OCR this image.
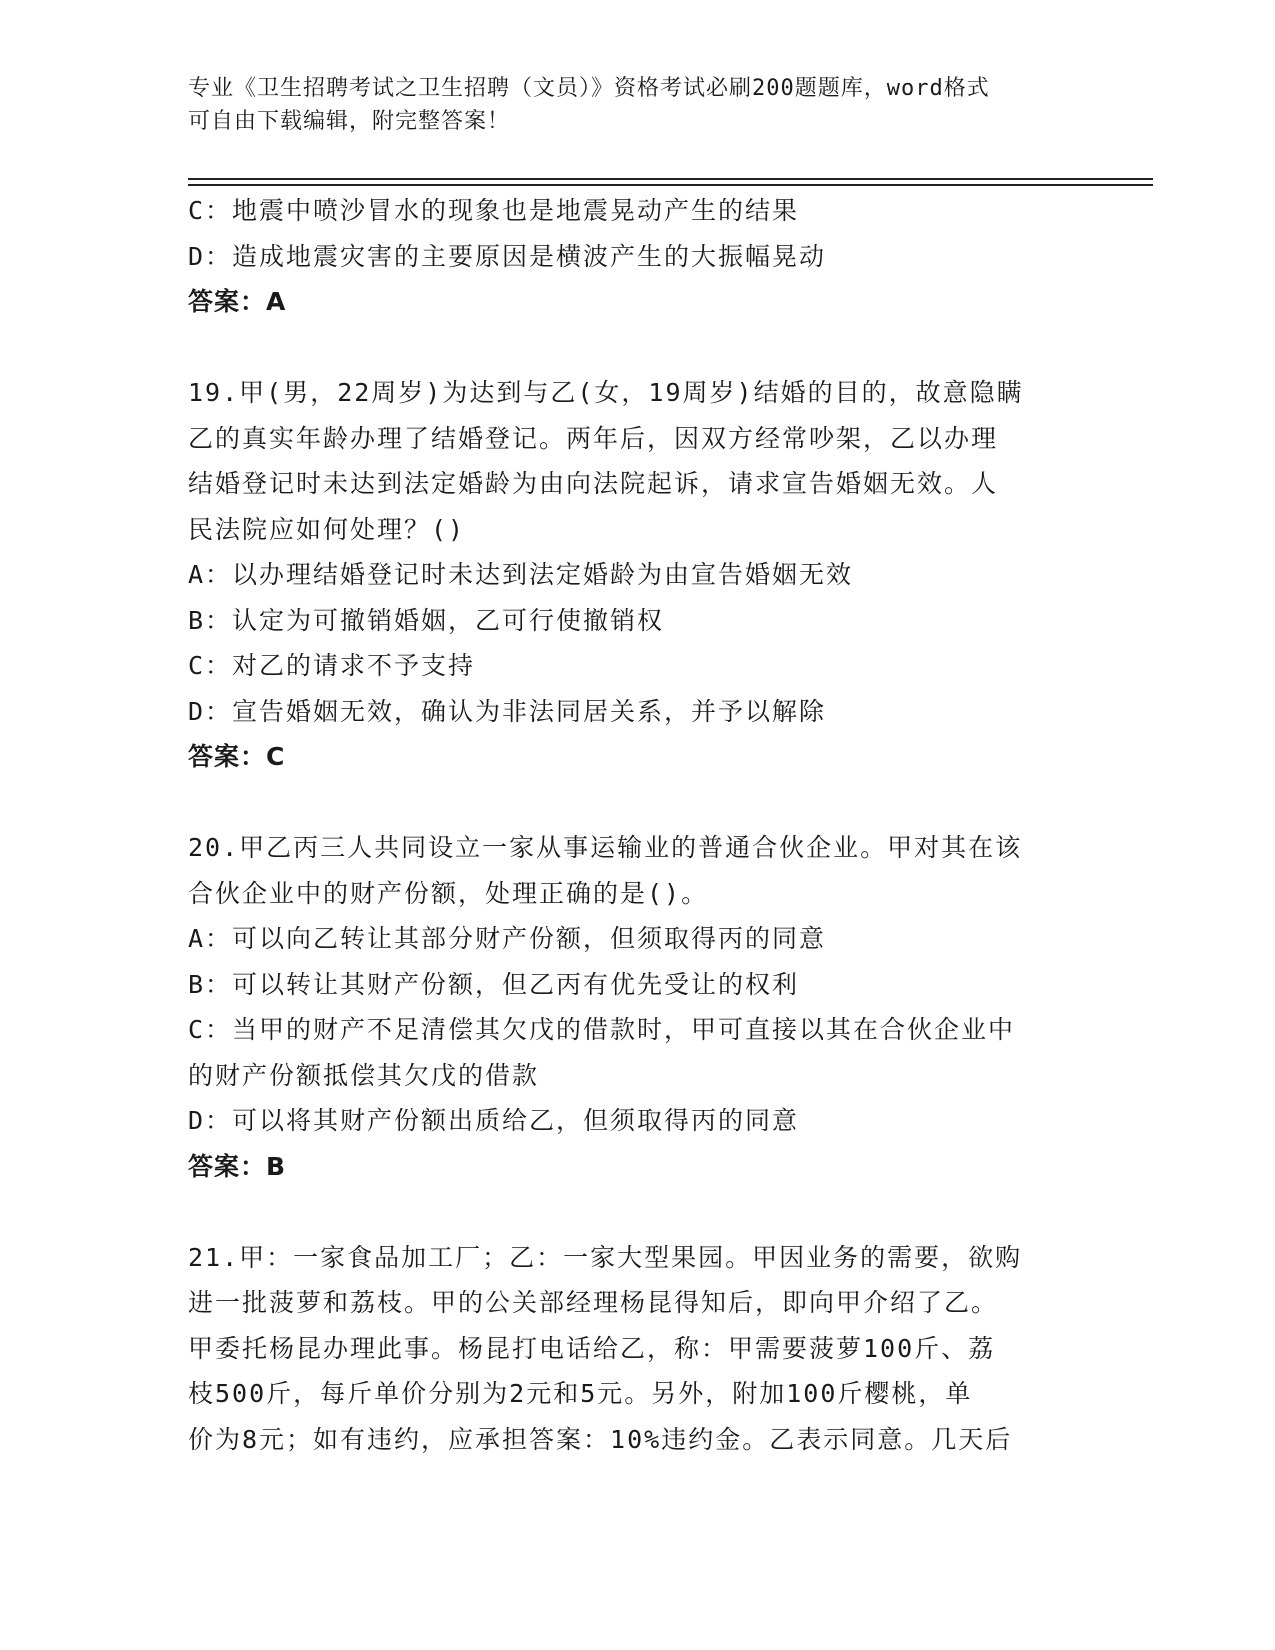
专业《卫生招聘考试之卫生招聘（文员）》资格考试必刷200题题库，word格式
可自由下载编辑，附完整答案！
C：地震中喷沙冒水的现象也是地震晃动产生的结果
D：造成地震灾害的主要原因是横波产生的大振幅晃动
答案：A
19.甲(男，22周岁)为达到与乙(女，19周岁)结婚的目的，故意隐瞒
乙的真实年龄办理了结婚登记。两年后，因双方经常吵架，乙以办理
结婚登记时未达到法定婚龄为由向法院起诉，请求宣告婚姻无效。人
民法院应如何处理？()
A：以办理结婚登记时未达到法定婚龄为由宣告婚姻无效
B：认定为可撤销婚姻，乙可行使撤销权
C：对乙的请求不予支持
D：宣告婚姻无效，确认为非法同居关系，并予以解除
答案：C
20.甲乙丙三人共同设立一家从事运输业的普通合伙企业。甲对其在该
合伙企业中的财产份额，处理正确的是()。
A：可以向乙转让其部分财产份额，但须取得丙的同意
B：可以转让其财产份额，但乙丙有优先受让的权利
C：当甲的财产不足清偿其欠戊的借款时，甲可直接以其在合伙企业中
的财产份额抵偿其欠戊的借款
D：可以将其财产份额出质给乙，但须取得丙的同意
答案：B
21.甲：一家食品加工厂；乙：一家大型果园。甲因业务的需要，欲购
进一批菠萝和荔枝。甲的公关部经理杨昆得知后，即向甲介绍了乙。
甲委托杨昆办理此事。杨昆打电话给乙，称：甲需要菠萝100斤、荔
枝500斤，每斤单价分别为2元和5元。另外，附加100斤樱桃，单
价为8元；如有违约，应承担答案：10%违约金。乙表示同意。几天后
